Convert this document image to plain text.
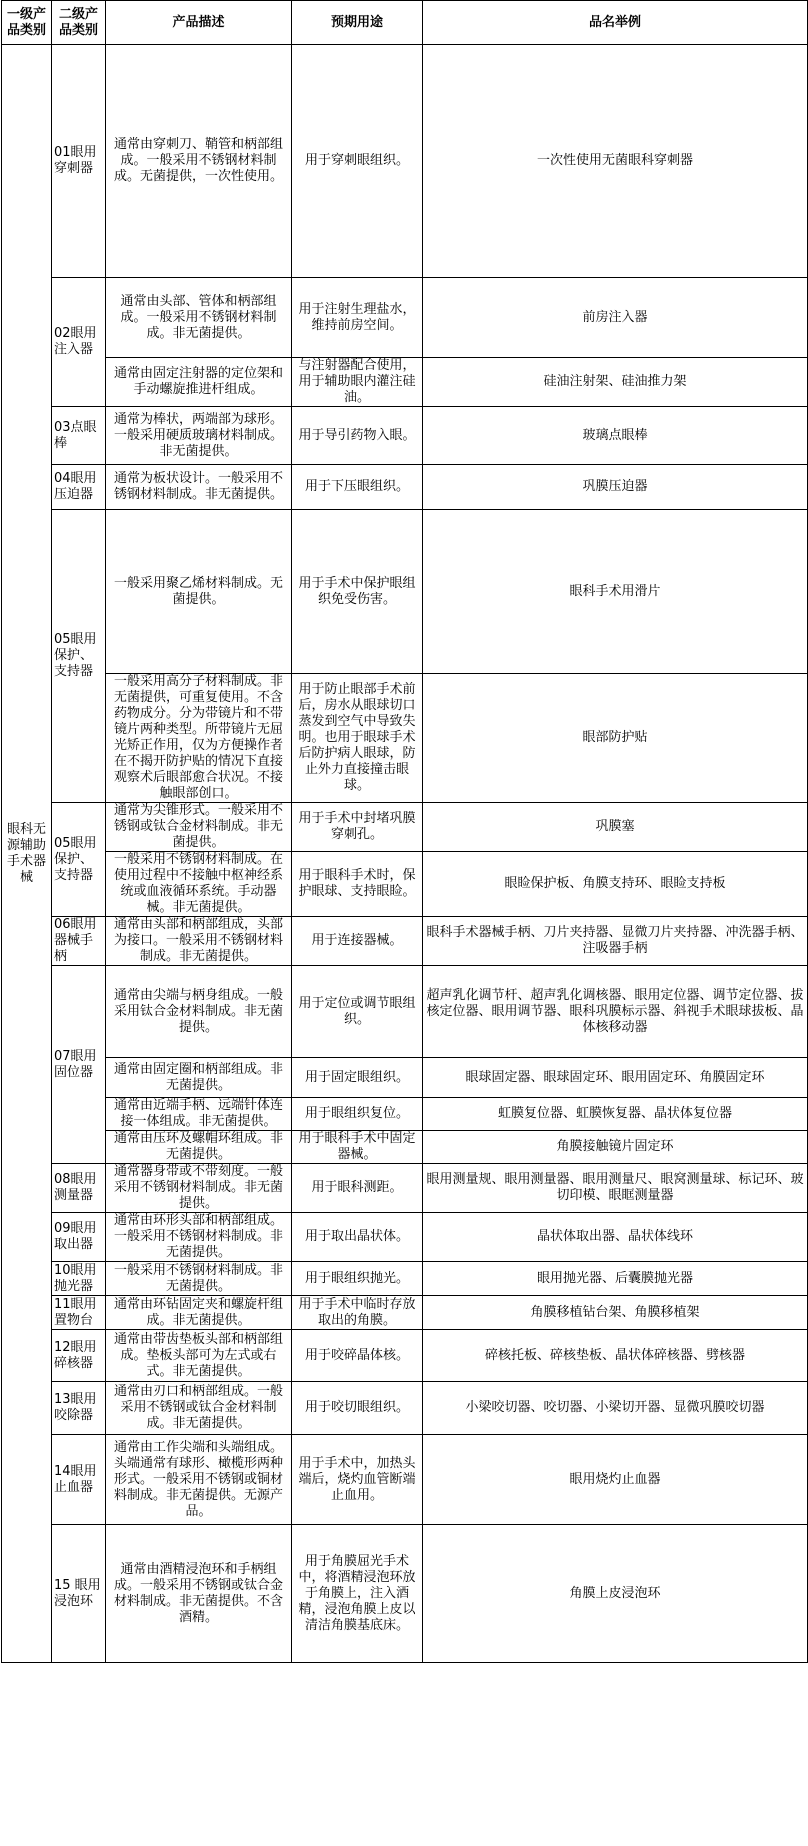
一级产品类别	二级产品类别	产品描述	预期用途	品名举例
眼科无源辅助手术器械	01眼用穿刺器	通常由穿刺刀、鞘管和柄部组成。一般采用不锈钢材料制成。无菌提供，一次性使用。	用于穿刺眼组织。	一次性使用无菌眼科穿刺器
	02眼用注入器	通常由头部、管体和柄部组成。一般采用不锈钢材料制成。非无菌提供。	用于注射生理盐水，维持前房空间。	前房注入器
		通常由固定注射器的定位架和手动螺旋推进杆组成。	与注射器配合使用，用于辅助眼内灌注硅油。	硅油注射架、硅油推力架
	03点眼棒	通常为棒状，两端部为球形。一般采用硬质玻璃材料制成。非无菌提供。	用于导引药物入眼。	玻璃点眼棒
	04眼用压迫器	通常为板状设计。一般采用不锈钢材料制成。非无菌提供。	用于下压眼组织。	巩膜压迫器
	05眼用保护、支持器	一般采用聚乙烯材料制成。无菌提供。	用于手术中保护眼组织免受伤害。	眼科手术用滑片
		一般采用高分子材料制成。非无菌提供，可重复使用。不含药物成分。分为带镜片和不带镜片两种类型。所带镜片无屈光矫正作用，仅为方便操作者在不揭开防护贴的情况下直接观察术后眼部愈合状况。不接触眼部创口。	用于防止眼部手术前后，房水从眼球切口蒸发到空气中导致失明。也用于眼球手术后防护病人眼球，防止外力直接撞击眼球。	眼部防护贴
	05眼用保护、支持器	通常为尖锥形式。一般采用不锈钢或钛合金材料制成。非无菌提供。	用于手术中封堵巩膜穿刺孔。	巩膜塞
		一般采用不锈钢材料制成。在使用过程中不接触中枢神经系统或血液循环系统。手动器械。非无菌提供。	用于眼科手术时，保护眼球、支持眼睑。	眼睑保护板、角膜支持环、眼睑支持板
	06眼用器械手柄	通常由头部和柄部组成，头部为接口。一般采用不锈钢材料制成。非无菌提供。	用于连接器械。	眼科手术器械手柄、刀片夹持器、显微刀片夹持器、冲洗器手柄、注吸器手柄
	07眼用固位器	通常由尖端与柄身组成。一般采用钛合金材料制成。非无菌提供。	用于定位或调节眼组织。	超声乳化调节杆、超声乳化调核器、眼用定位器、调节定位器、拔核定位器、眼用调节器、眼科巩膜标示器、斜视手术眼球拔板、晶体核移动器
		通常由固定圈和柄部组成。非无菌提供。	用于固定眼组织。	眼球固定器、眼球固定环、眼用固定环、角膜固定环
		通常由近端手柄、远端针体连接一体组成。非无菌提供。	用于眼组织复位。	虹膜复位器、虹膜恢复器、晶状体复位器
		通常由压环及螺帽环组成。非无菌提供。	用于眼科手术中固定器械。	角膜接触镜片固定环
	08眼用测量器	通常器身带或不带刻度。一般采用不锈钢材料制成。非无菌提供。	用于眼科测距。	眼用测量规、眼用测量器、眼用测量尺、眼窝测量球、标记环、玻切印模、眼眶测量器
	09眼用取出器	通常由环形头部和柄部组成。一般采用不锈钢材料制成。非无菌提供。	用于取出晶状体。	晶状体取出器、晶状体线环
	10眼用抛光器	一般采用不锈钢材料制成。非无菌提供。	用于眼组织抛光。	眼用抛光器、后囊膜抛光器
	11眼用置物台	通常由环钻固定夹和螺旋杆组成。非无菌提供。	用于手术中临时存放取出的角膜。	角膜移植钻台架、角膜移植架
	12眼用碎核器	通常由带齿垫板头部和柄部组成。垫板头部可为左式或右式。非无菌提供。	用于咬碎晶体核。	碎核托板、碎核垫板、晶状体碎核器、劈核器
	13眼用咬除器	通常由刃口和柄部组成。一般采用不锈钢或钛合金材料制成。非无菌提供。	用于咬切眼组织。	小梁咬切器、咬切器、小梁切开器、显微巩膜咬切器
	14眼用止血器	通常由工作尖端和头端组成。头端通常有球形、橄榄形两种形式。一般采用不锈钢或铜材料制成。非无菌提供。无源产品。	用于手术中，加热头端后，烧灼血管断端止血用。	眼用烧灼止血器
	15 眼用浸泡环	通常由酒精浸泡环和手柄组成。一般采用不锈钢或钛合金材料制成。非无菌提供。不含酒精。	用于角膜屈光手术中，将酒精浸泡环放于角膜上，注入酒精，浸泡角膜上皮以清洁角膜基底床。	角膜上皮浸泡环
